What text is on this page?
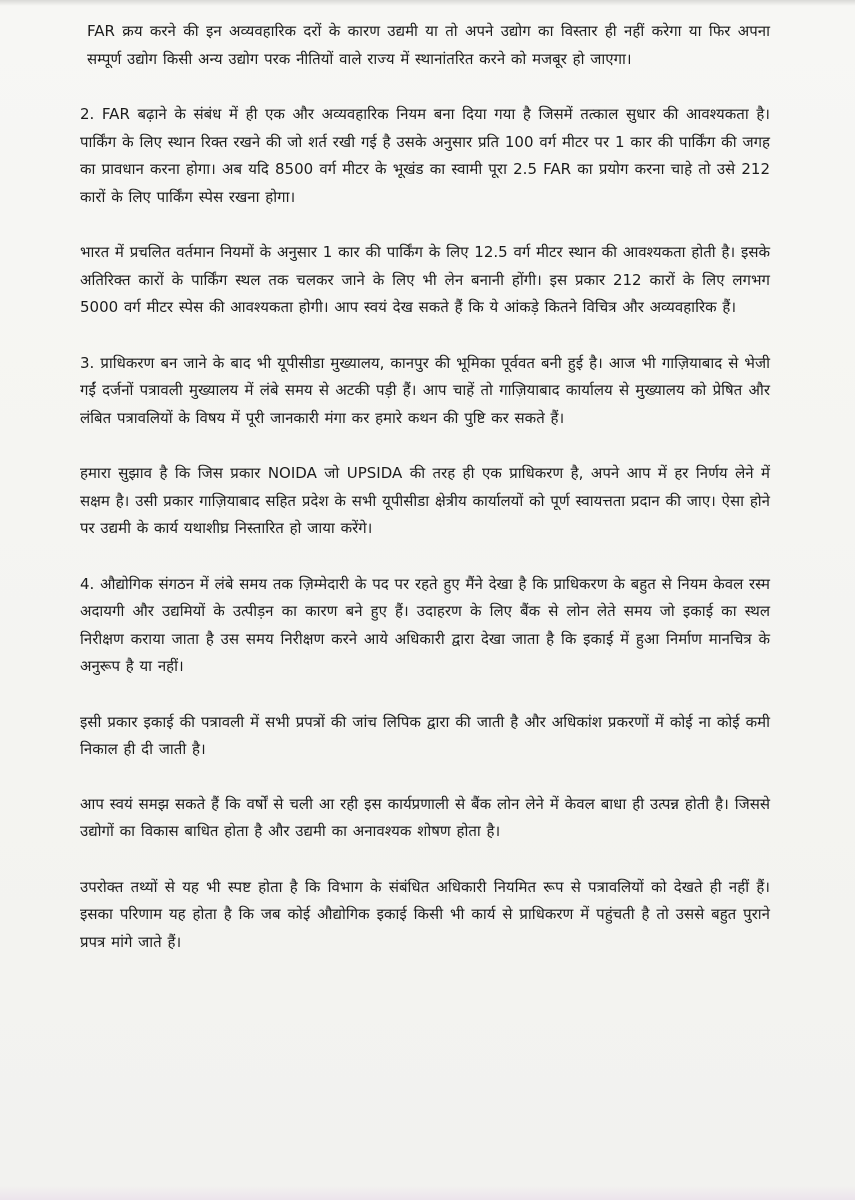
FAR क्रय करने की इन अव्यवहारिक दरों के कारण उद्यमी या तो अपने उद्योग का विस्तार ही नहीं करेगा या फिर अपना सम्पूर्ण उद्योग किसी अन्य उद्योग परक नीतियों वाले राज्य में स्थानांतरित करने को मजबूर हो जाएगा।

2. FAR बढ़ाने के संबंध में ही एक और अव्यवहारिक नियम बना दिया गया है जिसमें तत्काल सुधार की आवश्यकता है। पार्किंग के लिए स्थान रिक्त रखने की जो शर्त रखी गई है उसके अनुसार प्रति 100 वर्ग मीटर पर 1 कार की पार्किंग की जगह का प्रावधान करना होगा। अब यदि 8500 वर्ग मीटर के भूखंड का स्वामी पूरा 2.5 FAR का प्रयोग करना चाहे तो उसे 212 कारों के लिए पार्किंग स्पेस रखना होगा।

भारत में प्रचलित वर्तमान नियमों के अनुसार 1 कार की पार्किंग के लिए 12.5 वर्ग मीटर स्थान की आवश्यकता होती है। इसके अतिरिक्त कारों के पार्किंग स्थल तक चलकर जाने के लिए भी लेन बनानी होंगी। इस प्रकार 212 कारों के लिए लगभग 5000 वर्ग मीटर स्पेस की आवश्यकता होगी। आप स्वयं देख सकते हैं कि ये आंकड़े कितने विचित्र और अव्यवहारिक हैं।

3. प्राधिकरण बन जाने के बाद भी यूपीसीडा मुख्यालय, कानपुर की भूमिका पूर्ववत बनी हुई है। आज भी गाज़ियाबाद से भेजी गईं दर्जनों पत्रावली मुख्यालय में लंबे समय से अटकी पड़ी हैं। आप चाहें तो गाज़ियाबाद कार्यालय से मुख्यालय को प्रेषित और लंबित पत्रावलियों के विषय में पूरी जानकारी मंगा कर हमारे कथन की पुष्टि कर सकते हैं।

हमारा सुझाव है कि जिस प्रकार NOIDA जो UPSIDA की तरह ही एक प्राधिकरण है, अपने आप में हर निर्णय लेने में सक्षम है। उसी प्रकार गाज़ियाबाद सहित प्रदेश के सभी यूपीसीडा क्षेत्रीय कार्यालयों को पूर्ण स्वायत्तता प्रदान की जाए। ऐसा होने पर उद्यमी के कार्य यथाशीघ्र निस्तारित हो जाया करेंगे।

4. औद्योगिक संगठन में लंबे समय तक ज़िम्मेदारी के पद पर रहते हुए मैंने देखा है कि प्राधिकरण के बहुत से नियम केवल रस्म अदायगी और उद्यमियों के उत्पीड़न का कारण बने हुए हैं। उदाहरण के लिए बैंक से लोन लेते समय जो इकाई का स्थल निरीक्षण कराया जाता है उस समय निरीक्षण करने आये अधिकारी द्वारा देखा जाता है कि इकाई में हुआ निर्माण मानचित्र के अनुरूप है या नहीं।

इसी प्रकार इकाई की पत्रावली में सभी प्रपत्रों की जांच लिपिक द्वारा की जाती है और अधिकांश प्रकरणों में कोई ना कोई कमी निकाल ही दी जाती है।

आप स्वयं समझ सकते हैं कि वर्षों से चली आ रही इस कार्यप्रणाली से बैंक लोन लेने में केवल बाधा ही उत्पन्न होती है। जिससे उद्योगों का विकास बाधित होता है और उद्यमी का अनावश्यक शोषण होता है।

उपरोक्त तथ्यों से यह भी स्पष्ट होता है कि विभाग के संबंधित अधिकारी नियमित रूप से पत्रावलियों को देखते ही नहीं हैं। इसका परिणाम यह होता है कि जब कोई औद्योगिक इकाई किसी भी कार्य से प्राधिकरण में पहुंचती है तो उससे बहुत पुराने प्रपत्र मांगे जाते हैं।
